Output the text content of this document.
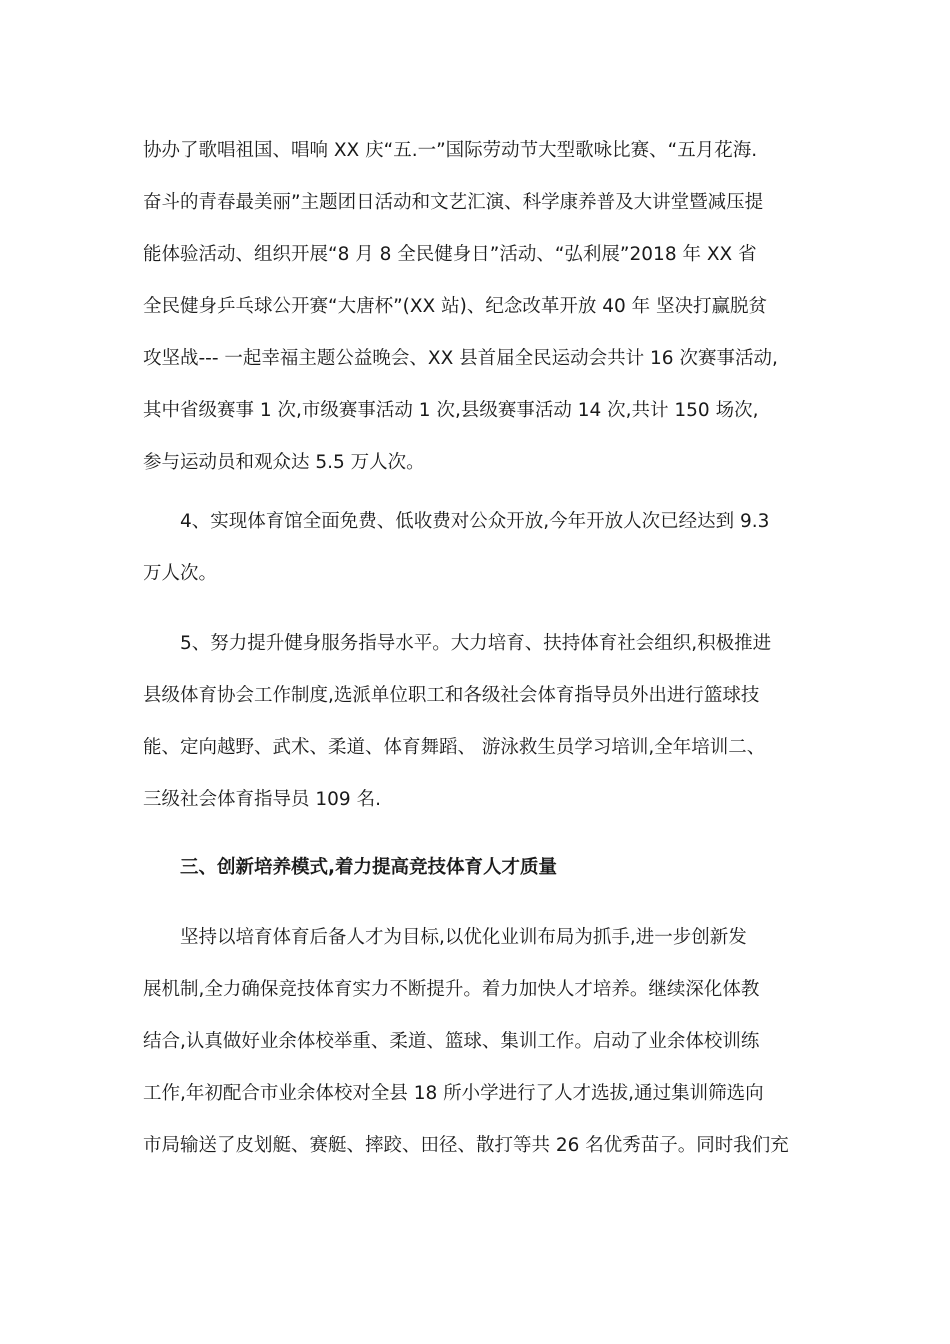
协办了歌唱祖国、唱响 XX 庆“五.一”国际劳动节大型歌咏比赛、“五月花海.
奋斗的青春最美丽”主题团日活动和文艺汇演、科学康养普及大讲堂暨减压提
能体验活动、组织开展“8 月 8 全民健身日”活动、“弘利展”2018 年 XX 省
全民健身乒乓球公开赛“大唐杯”(XX 站)、纪念改革开放 40 年 坚决打赢脱贫
攻坚战--- 一起幸福主题公益晚会、XX 县首届全民运动会共计 16 次赛事活动,
其中省级赛事 1 次,市级赛事活动 1 次,县级赛事活动 14 次,共计 150 场次,
参与运动员和观众达 5.5 万人次。
　　4、实现体育馆全面免费、低收费对公众开放,今年开放人次已经达到 9.3
万人次。
　　5、努力提升健身服务指导水平。大力培育、扶持体育社会组织,积极推进
县级体育协会工作制度,选派单位职工和各级社会体育指导员外出进行篮球技
能、定向越野、武术、柔道、体育舞蹈、 游泳救生员学习培训,全年培训二、
三级社会体育指导员 109 名.
　　三、创新培养模式,着力提高竞技体育人才质量
　　坚持以培育体育后备人才为目标,以优化业训布局为抓手,进一步创新发
展机制,全力确保竞技体育实力不断提升。着力加快人才培养。继续深化体教
结合,认真做好业余体校举重、柔道、篮球、集训工作。启动了业余体校训练
工作,年初配合市业余体校对全县 18 所小学进行了人才选拔,通过集训筛选向
市局输送了皮划艇、赛艇、摔跤、田径、散打等共 26 名优秀苗子。同时我们充
